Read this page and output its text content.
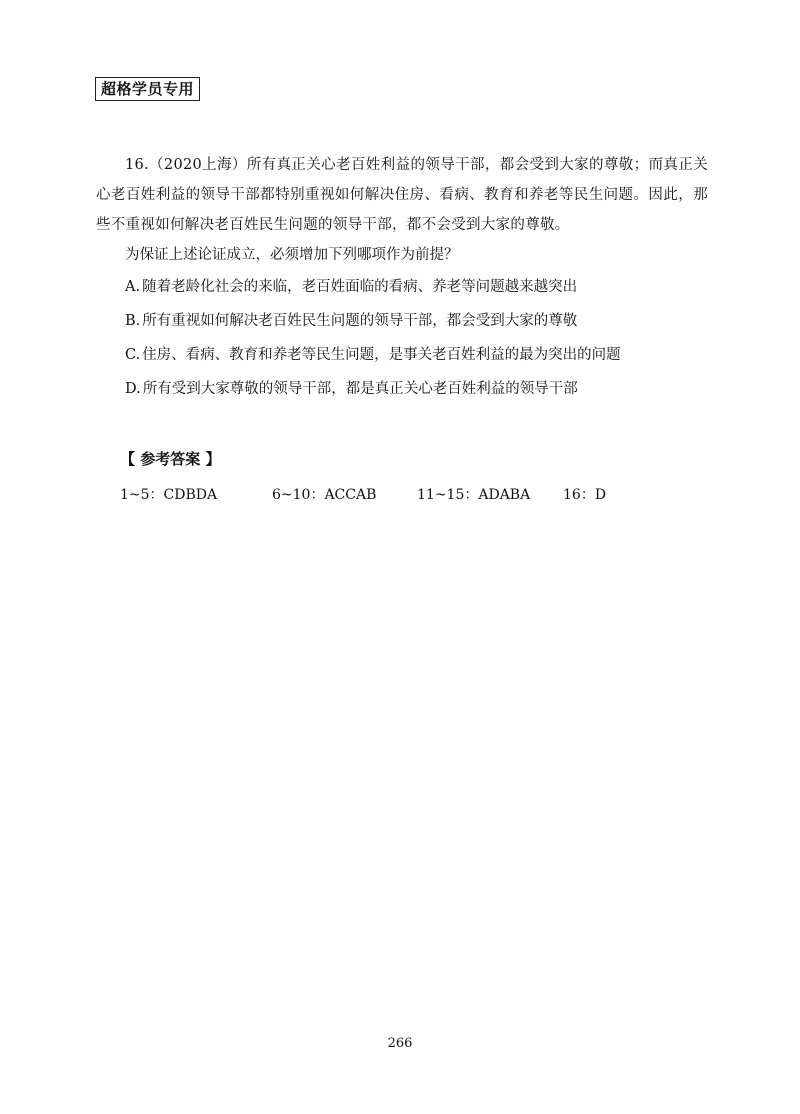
超格学员专用

16.（2020上海）所有真正关心老百姓利益的领导干部，都会受到大家的尊敬；而真正关心老百姓利益的领导干部都特别重视如何解决住房、看病、教育和养老等民生问题。因此，那些不重视如何解决老百姓民生问题的领导干部，都不会受到大家的尊敬。

为保证上述论证成立，必须增加下列哪项作为前提？

A. 随着老龄化社会的来临，老百姓面临的看病、养老等问题越来越突出

B. 所有重视如何解决老百姓民生问题的领导干部，都会受到大家的尊敬

C. 住房、看病、教育和养老等民生问题，是事关老百姓利益的最为突出的问题

D. 所有受到大家尊敬的领导干部，都是真正关心老百姓利益的领导干部

【 参考答案 】

1~5：CDBDA	6~10：ACCAB	11~15：ADABA	16：D
266
